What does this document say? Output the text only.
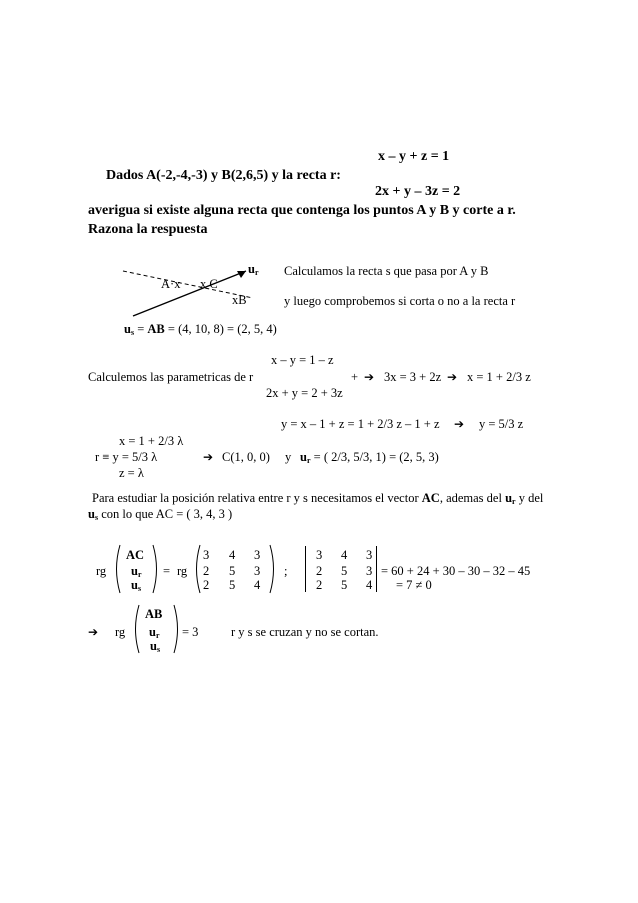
x – y + z = 1
Dados A(-2,-4,-3) y B(2,6,5) y la recta r:
2x + y – 3z = 2
averigua si existe alguna recta que contenga los puntos A y B y corte a r.
Razona la respuesta
$u_r$
A·x x C
xB
Calculamos la recta s que pasa por A y B
y luego comprobemos si corta o no a la recta r
$u_s$ = AB = (4, 10, 8) = (2, 5, 4)
x – y = 1 – z
Calculemos las parametricas de r	+ ➔ 3x = 3 + 2z ➔ x = 1 + 2/3 z
2x + y = 2 + 3z
y = x – 1 + z = 1 + 2/3 z – 1 + z ➔ y = 5/3 z
x = 1 + 2/3 λ
r ≡ y = 5/3 λ	➔ C(1, 0, 0) y $u_r$ = ( 2/3, 5/3, 1) = (2, 5, 3)
z = λ
Para estudiar la posición relativa entre r y s necesitamos el vector AC, ademas del $u_r$ y del
$u_s$ con lo que AC = ( 3, 4, 3 )
rg
AC
$u_r$
$u_s$
= rg
3 4 3
2 5 3
2 5 4
;
3 4 3
2 5 3
2 5 4
= 60 + 24 + 30 – 30 – 32 – 45
= 7 ≠ 0
➔ rg
AB
$u_r$
$u_s$
= 3	r y s se cruzan y no se cortan.
